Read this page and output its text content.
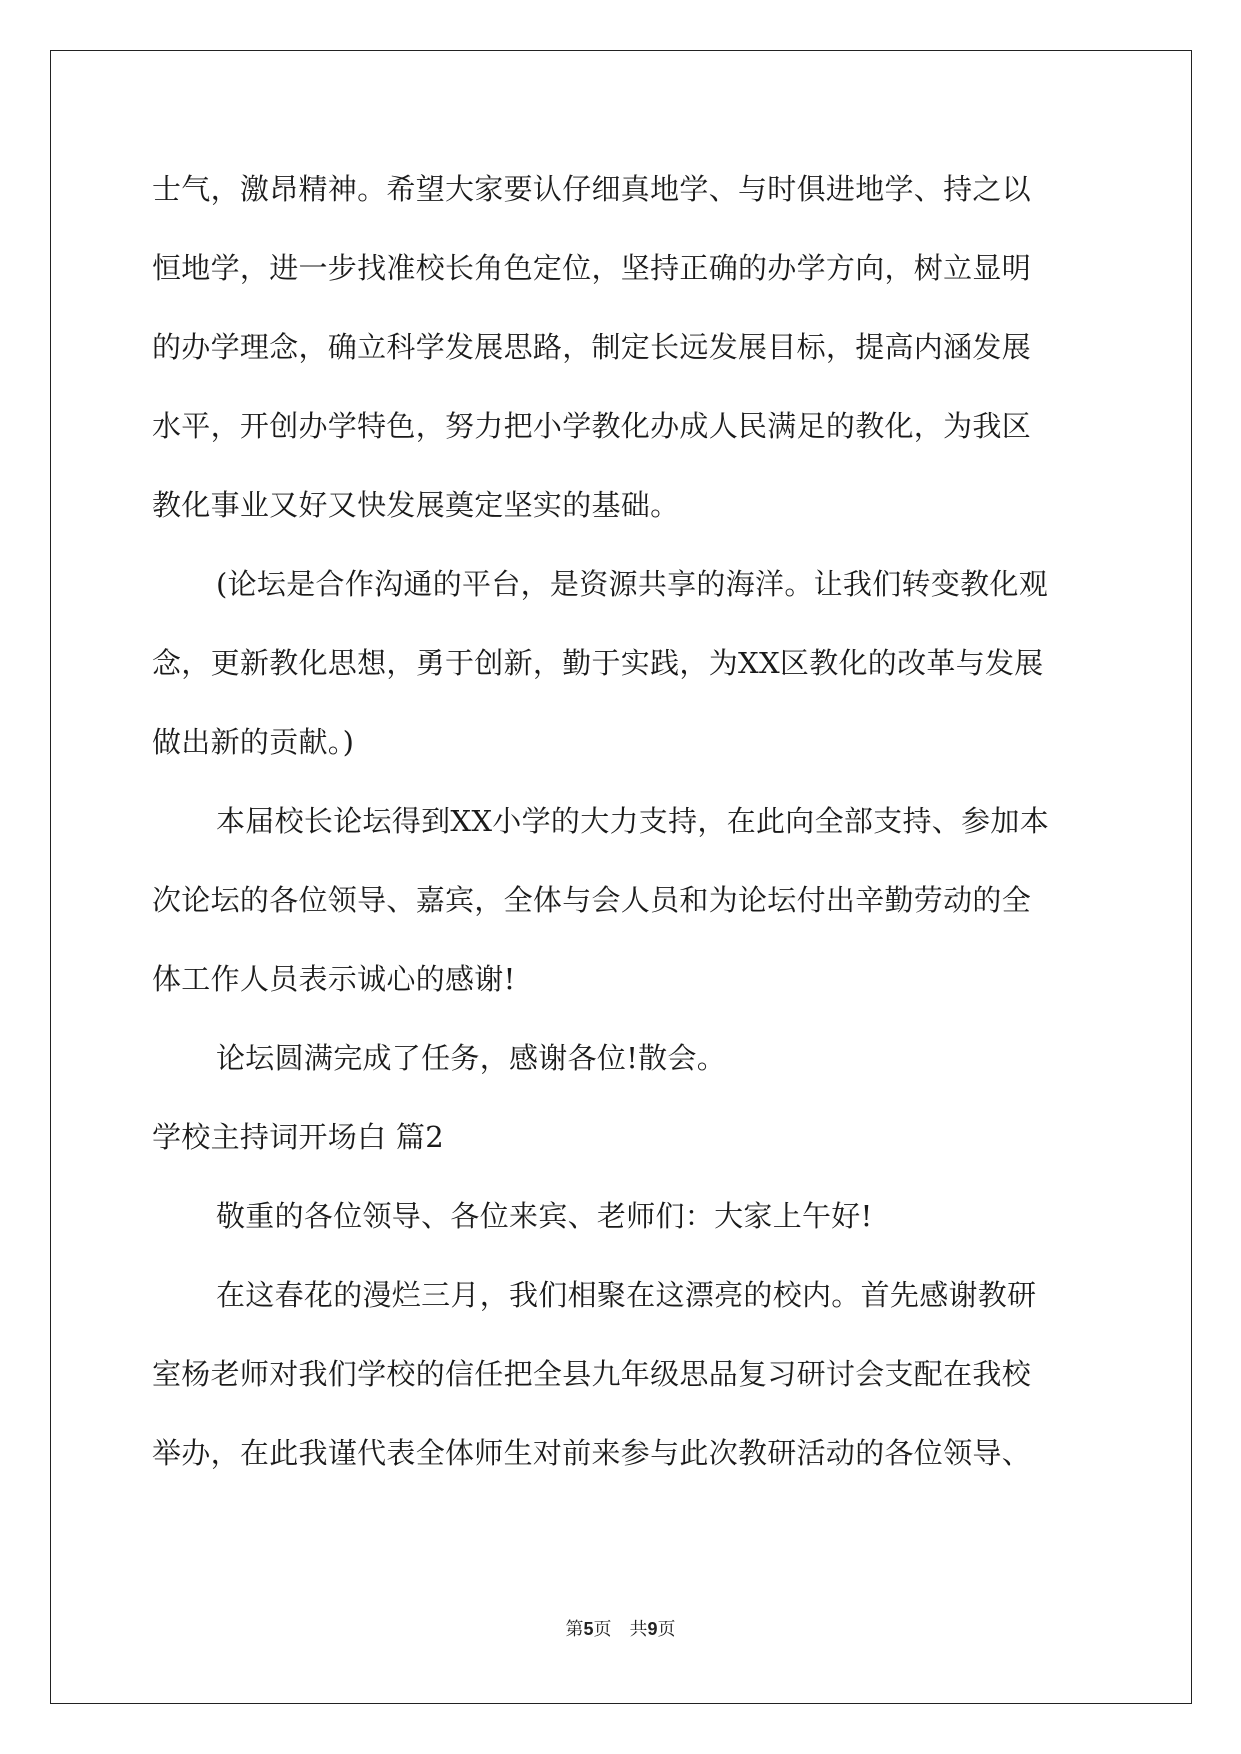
士气，激昂精神。希望大家要认仔细真地学、与时俱进地学、持之以
恒地学，进一步找准校长角色定位，坚持正确的办学方向，树立显明
的办学理念，确立科学发展思路，制定长远发展目标，提高内涵发展
水平，开创办学特色，努力把小学教化办成人民满足的教化，为我区
教化事业又好又快发展奠定坚实的基础。
(论坛是合作沟通的平台，是资源共享的海洋。让我们转变教化观
念，更新教化思想，勇于创新，勤于实践，为XX区教化的改革与发展
做出新的贡献。)
本届校长论坛得到XX小学的大力支持，在此向全部支持、参加本
次论坛的各位领导、嘉宾，全体与会人员和为论坛付出辛勤劳动的全
体工作人员表示诚心的感谢!
论坛圆满完成了任务，感谢各位!散会。
学校主持词开场白 篇2
敬重的各位领导、各位来宾、老师们：大家上午好!
在这春花的漫烂三月，我们相聚在这漂亮的校内。首先感谢教研
室杨老师对我们学校的信任把全县九年级思品复习研讨会支配在我校
举办，在此我谨代表全体师生对前来参与此次教研活动的各位领导、
第5页　共9页
